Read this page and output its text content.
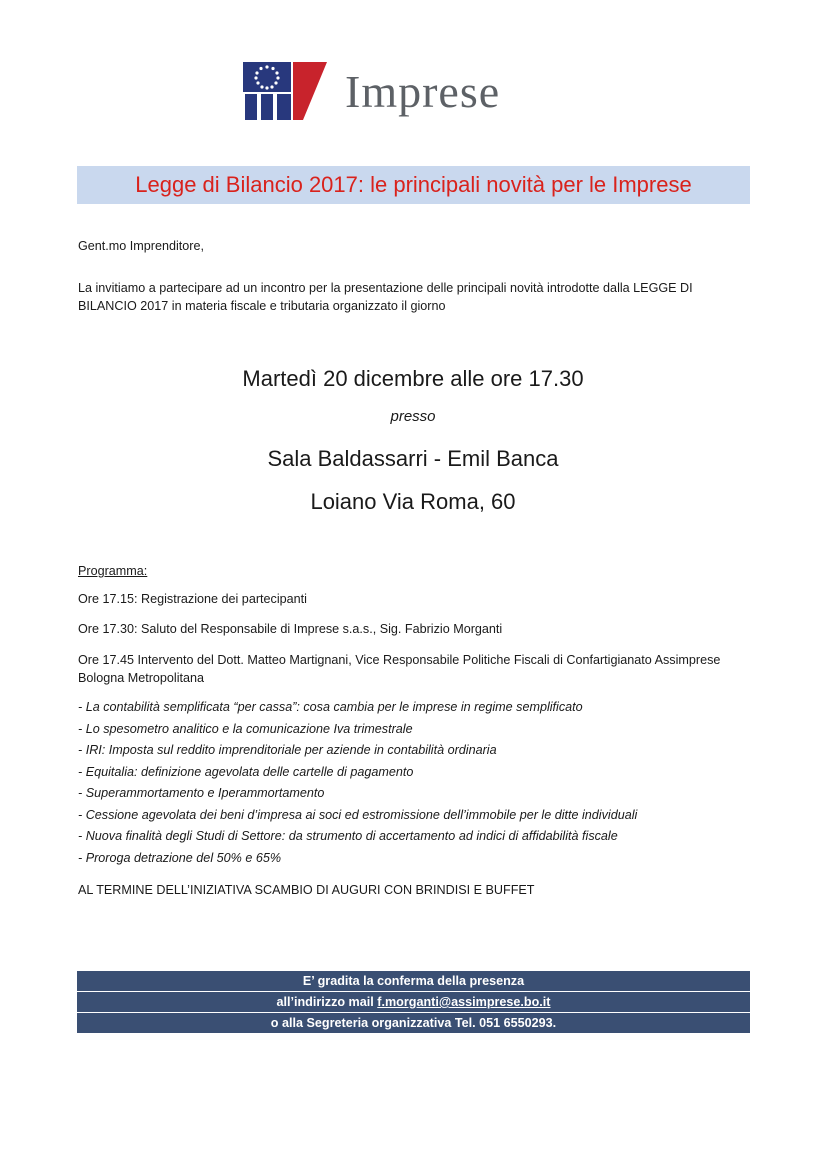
Imprese
Legge di Bilancio 2017: le principali novità per le Imprese

Gent.mo Imprenditore,

La invitiamo a partecipare ad un incontro per la presentazione delle principali novità introdotte dalla LEGGE DI BILANCIO 2017 in materia fiscale e tributaria organizzato il giorno

Martedì 20 dicembre alle ore 17.30

presso

Sala Baldassarri - Emil Banca

Loiano Via Roma, 60

Programma:

Ore 17.15: Registrazione dei partecipanti

Ore 17.30: Saluto del Responsabile di Imprese s.a.s., Sig. Fabrizio Morganti

Ore 17.45 Intervento del Dott. Matteo Martignani, Vice Responsabile Politiche Fiscali di Confartigianato Assimprese Bologna Metropolitana

- La contabilità semplificata “per cassa”: cosa cambia per le imprese in regime semplificato
- Lo spesometro analitico e la comunicazione Iva trimestrale
- IRI: Imposta sul reddito imprenditoriale per aziende in contabilità ordinaria
- Equitalia: definizione agevolata delle cartelle di pagamento
- Superammortamento e Iperammortamento
- Cessione agevolata dei beni d’impresa ai soci ed estromissione dell’immobile per le ditte individuali
- Nuova finalità degli Studi di Settore: da strumento di accertamento ad indici di affidabilità fiscale
- Proroga detrazione del 50% e 65%

AL TERMINE DELL’INIZIATIVA SCAMBIO DI AUGURI CON BRINDISI E BUFFET

E’ gradita la conferma della presenza
all’indirizzo mail f.morganti@assimprese.bo.it
o alla Segreteria organizzativa Tel. 051 6550293.
